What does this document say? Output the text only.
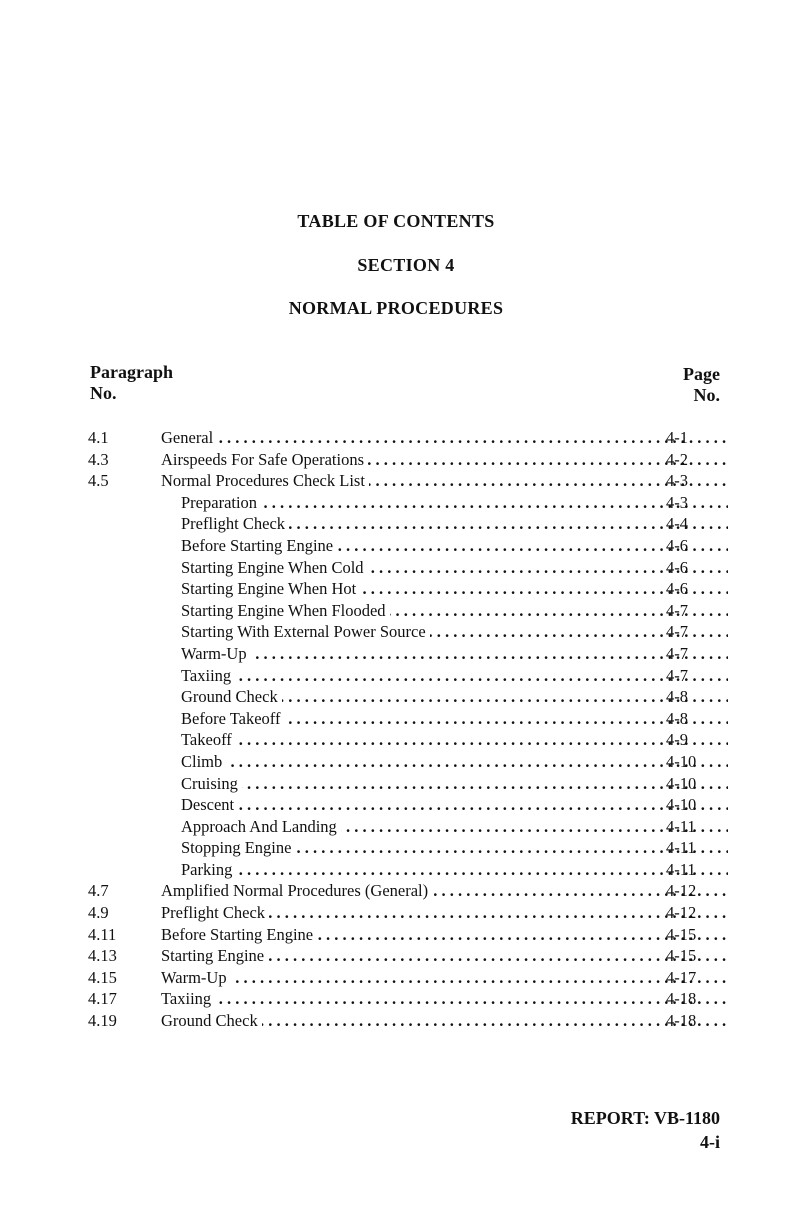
TABLE OF CONTENTS
SECTION 4
NORMAL PROCEDURES
Paragraph
No.
Page
No.
4.1	General . . .	4-1
4.3	Airspeeds For Safe Operations . . .	4-2
4.5	Normal Procedures Check List . . .	4-3
Preparation . . .	4-3
Preflight Check . . .	4-4
Before Starting Engine . . .	4-6
Starting Engine When Cold . . .	4-6
Starting Engine When Hot . . .	4-6
Starting Engine When Flooded . . .	4-7
Starting With External Power Source . . .	4-7
Warm-Up . . .	4-7
Taxiing . . .	4-7
Ground Check . . .	4-8
Before Takeoff . . .	4-8
Takeoff . . .	4-9
Climb . . .	4-10
Cruising . . .	4-10
Descent . . .	4-10
Approach And Landing . . .	4-11
Stopping Engine . . .	4-11
Parking . . .	4-11
4.7	Amplified Normal Procedures (General) . . .	4-12
4.9	Preflight Check . . .	4-12
4.11	Before Starting Engine . . .	4-15
4.13	Starting Engine . . .	4-15
4.15	Warm-Up . . .	4-17
4.17	Taxiing . . .	4-18
4.19	Ground Check . . .	4-18
REPORT: VB-1180
4-i
